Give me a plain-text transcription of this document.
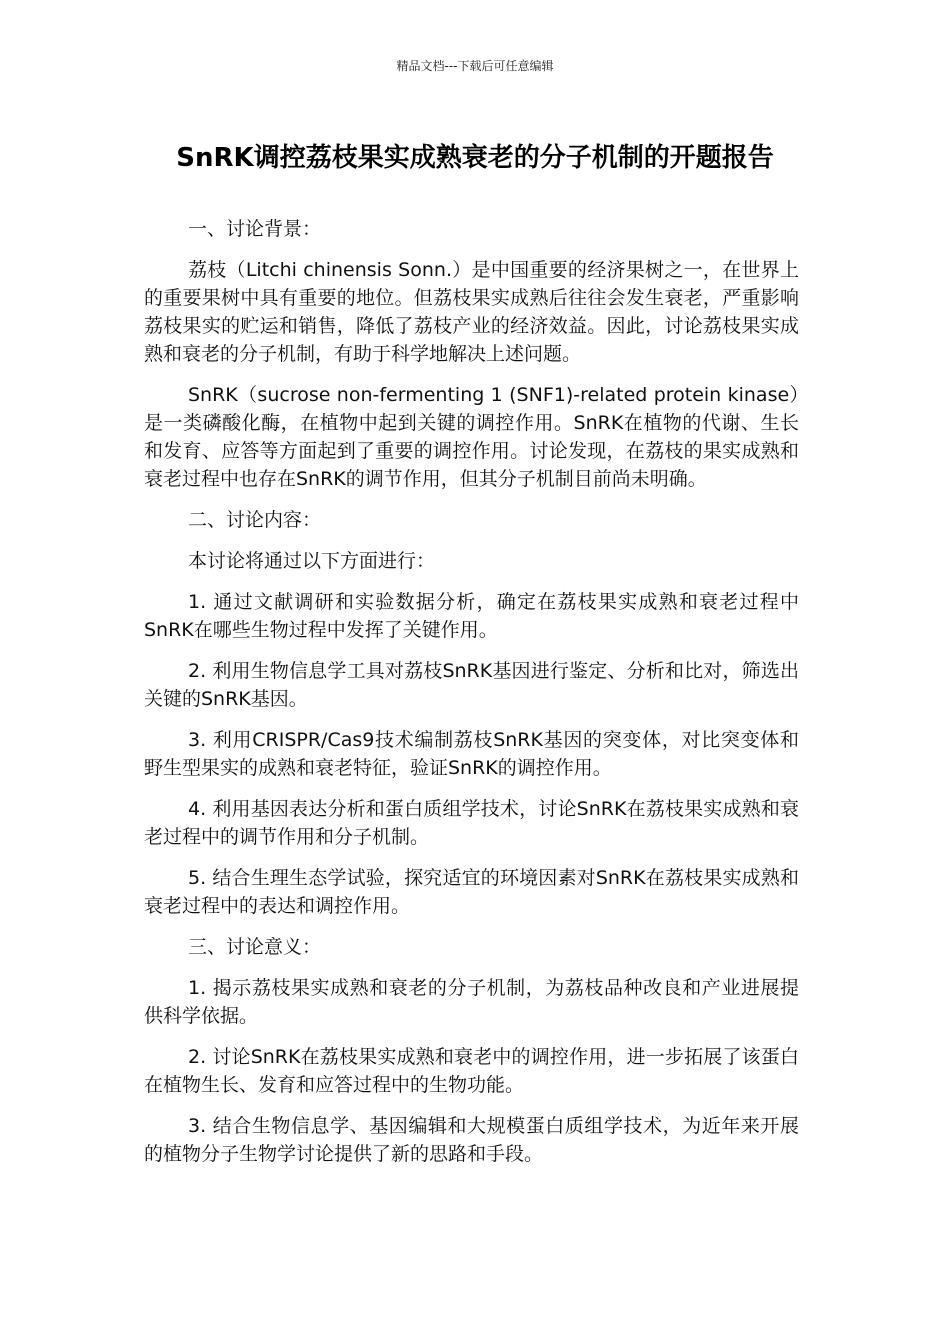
精品文档---下载后可任意编辑
SnRK调控荔枝果实成熟衰老的分子机制的开题报告

一、讨论背景：

荔枝（Litchi chinensis Sonn.）是中国重要的经济果树之一，在世界上的重要果树中具有重要的地位。但荔枝果实成熟后往往会发生衰老，严重影响荔枝果实的贮运和销售，降低了荔枝产业的经济效益。因此，讨论荔枝果实成熟和衰老的分子机制，有助于科学地解决上述问题。

SnRK（sucrose non-fermenting 1 (SNF1)-related protein kinase）是一类磷酸化酶，在植物中起到关键的调控作用。SnRK在植物的代谢、生长和发育、应答等方面起到了重要的调控作用。讨论发现，在荔枝的果实成熟和衰老过程中也存在SnRK的调节作用，但其分子机制目前尚未明确。

二、讨论内容：

本讨论将通过以下方面进行：

1. 通过文献调研和实验数据分析，确定在荔枝果实成熟和衰老过程中SnRK在哪些生物过程中发挥了关键作用。

2. 利用生物信息学工具对荔枝SnRK基因进行鉴定、分析和比对，筛选出关键的SnRK基因。

3. 利用CRISPR/Cas9技术编制荔枝SnRK基因的突变体，对比突变体和野生型果实的成熟和衰老特征，验证SnRK的调控作用。

4. 利用基因表达分析和蛋白质组学技术，讨论SnRK在荔枝果实成熟和衰老过程中的调节作用和分子机制。

5. 结合生理生态学试验，探究适宜的环境因素对SnRK在荔枝果实成熟和衰老过程中的表达和调控作用。

三、讨论意义：

1. 揭示荔枝果实成熟和衰老的分子机制，为荔枝品种改良和产业进展提供科学依据。

2. 讨论SnRK在荔枝果实成熟和衰老中的调控作用，进一步拓展了该蛋白在植物生长、发育和应答过程中的生物功能。

3. 结合生物信息学、基因编辑和大规模蛋白质组学技术，为近年来开展的植物分子生物学讨论提供了新的思路和手段。
